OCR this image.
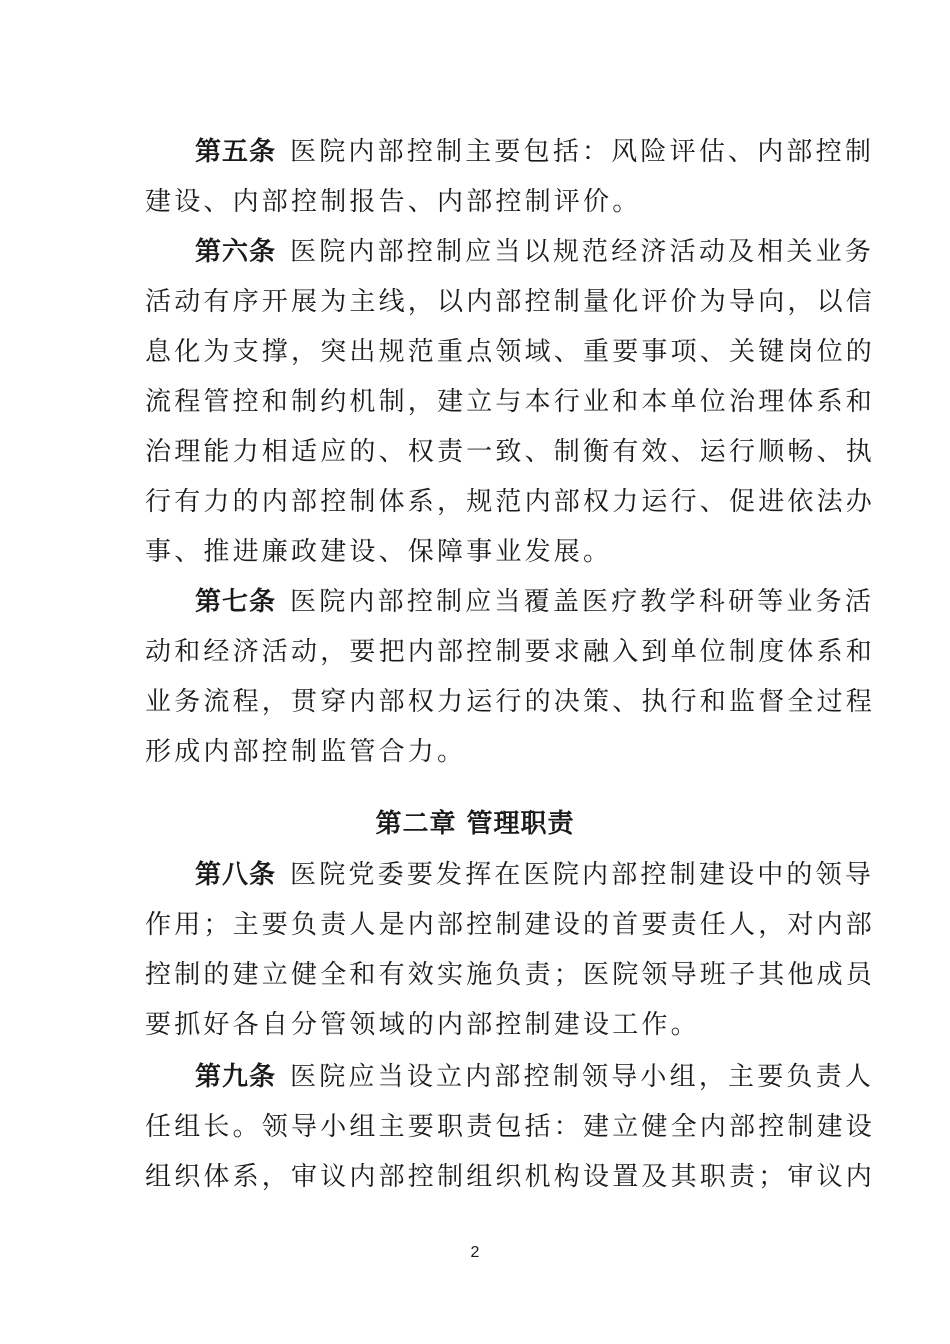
第五条 医院内部控制主要包括：风险评估、内部控制
建设、内部控制报告、内部控制评价。
第六条 医院内部控制应当以规范经济活动及相关业务
活动有序开展为主线，以内部控制量化评价为导向，以信
息化为支撑，突出规范重点领域、重要事项、关键岗位的
流程管控和制约机制，建立与本行业和本单位治理体系和
治理能力相适应的、权责一致、制衡有效、运行顺畅、执
行有力的内部控制体系，规范内部权力运行、促进依法办
事、推进廉政建设、保障事业发展。
第七条 医院内部控制应当覆盖医疗教学科研等业务活
动和经济活动，要把内部控制要求融入到单位制度体系和
业务流程，贯穿内部权力运行的决策、执行和监督全过程
形成内部控制监管合力。
第二章 管理职责
第八条 医院党委要发挥在医院内部控制建设中的领导
作用；主要负责人是内部控制建设的首要责任人，对内部
控制的建立健全和有效实施负责；医院领导班子其他成员
要抓好各自分管领域的内部控制建设工作。
第九条 医院应当设立内部控制领导小组，主要负责人
任组长。领导小组主要职责包括：建立健全内部控制建设
组织体系，审议内部控制组织机构设置及其职责；审议内
2
